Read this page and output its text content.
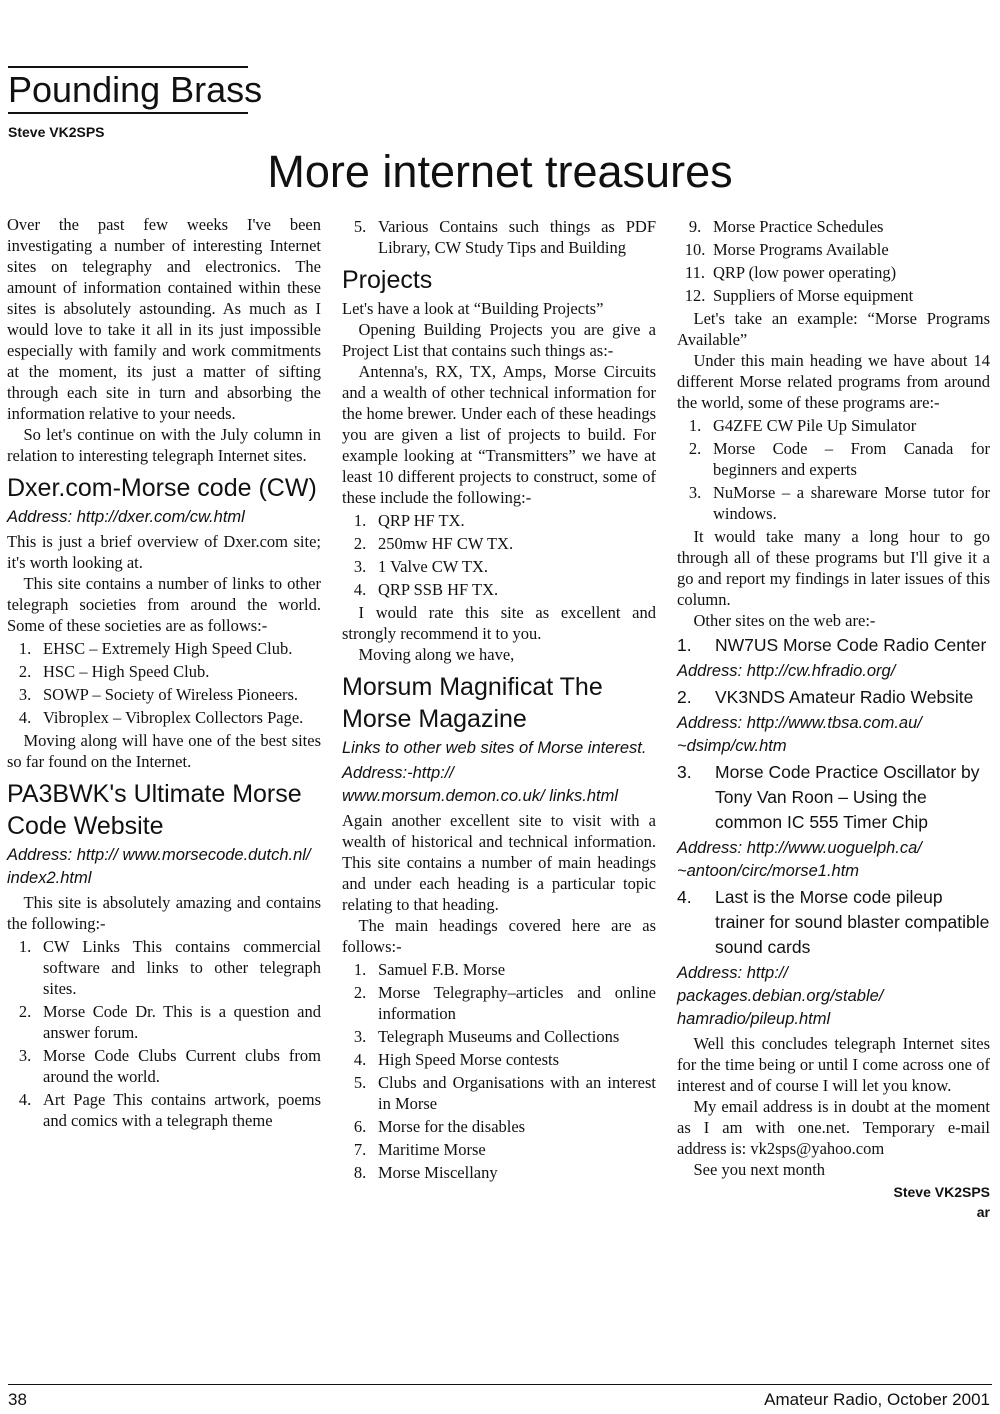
Pounding Brass
Steve VK2SPS
More internet treasures

Over the past few weeks I've been investigating a number of interesting Internet sites on telegraphy and electronics. The amount of information contained within these sites is absolutely astounding. As much as I would love to take it all in its just impossible especially with family and work commitments at the moment, its just a matter of sifting through each site in turn and absorbing the information relative to your needs.

So let's continue on with the July column in relation to interesting telegraph Internet sites.

Dxer.com-Morse code (CW)
Address: http://dxer.com/cw.html

This is just a brief overview of Dxer.com site; it's worth looking at.

This site contains a number of links to other telegraph societies from around the world. Some of these societies are as follows:-

1. EHSC – Extremely High Speed Club.
2. HSC – High Speed Club.
3. SOWP – Society of Wireless Pioneers.
4. Vibroplex – Vibroplex Collectors Page.

Moving along will have one of the best sites so far found on the Internet.

PA3BWK's Ultimate Morse Code Website
Address: http:// www.morsecode.dutch.nl/ index2.html

This site is absolutely amazing and contains the following:-

1. CW Links This contains commercial software and links to other telegraph sites.
2. Morse Code Dr. This is a question and answer forum.
3. Morse Code Clubs Current clubs from around the world.
4. Art Page This contains artwork, poems and comics with a telegraph theme
5. Various Contains such things as PDF Library, CW Study Tips and Building
Projects

Let's have a look at “Building Projects”

Opening Building Projects you are give a Project List that contains such things as:-

Antenna's, RX, TX, Amps, Morse Circuits and a wealth of other technical information for the home brewer. Under each of these headings you are given a list of projects to build. For example looking at “Transmitters” we have at least 10 different projects to construct, some of these include the following:-

1. QRP HF TX.
2. 250mw HF CW TX.
3. 1 Valve CW TX.
4. QRP SSB HF TX.

I would rate this site as excellent and strongly recommend it to you.

Moving along we have,

Morsum Magnificat The Morse Magazine
Links to other web sites of Morse interest.
Address:-http:// www.morsum.demon.co.uk/ links.html

Again another excellent site to visit with a wealth of historical and technical information. This site contains a number of main headings and under each heading is a particular topic relating to that heading.

The main headings covered here are as follows:-

1. Samuel F.B. Morse
2. Morse Telegraphy–articles and online information
3. Telegraph Museums and Collections
4. High Speed Morse contests
5. Clubs and Organisations with an interest in Morse
6. Morse for the disables
7. Maritime Morse
8. Morse Miscellany
9. Morse Practice Schedules
10. Morse Programs Available
11. QRP (low power operating)
12. Suppliers of Morse equipment

Let's take an example: “Morse Programs Available”

Under this main heading we have about 14 different Morse related programs from around the world, some of these programs are:-

1. G4ZFE CW Pile Up Simulator
2. Morse Code – From Canada for beginners and experts
3. NuMorse – a shareware Morse tutor for windows.

It would take many a long hour to go through all of these programs but I'll give it a go and report my findings in later issues of this column.

Other sites on the web are:-

1.	NW7US Morse Code Radio Center
Address: http://cw.hfradio.org/
2.	VK3NDS Amateur Radio Website
Address: http://www.tbsa.com.au/ ~dsimp/cw.htm
3.	Morse Code Practice Oscillator by Tony Van Roon – Using the common IC 555 Timer Chip
Address: http://www.uoguelph.ca/ ~antoon/circ/morse1.htm
4.	Last is the Morse code pileup trainer for sound blaster compatible sound cards
Address: http:// packages.debian.org/stable/ hamradio/pileup.html

Well this concludes telegraph Internet sites for the time being or until I come across one of interest and of course I will let you know.

My email address is in doubt at the moment as I am with one.net. Temporary e-mail address is: vk2sps@yahoo.com

See you next month

Steve VK2SPS
ar
38	Amateur Radio, October 2001
